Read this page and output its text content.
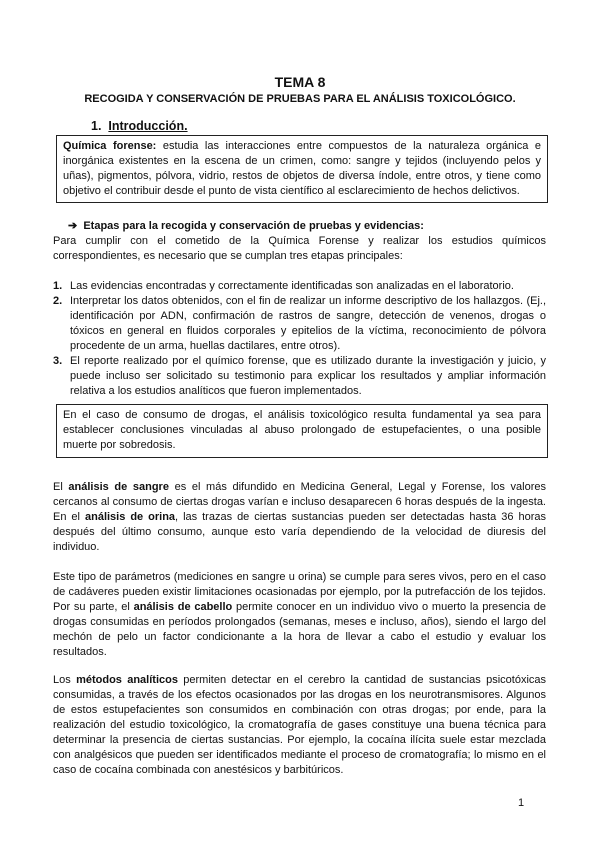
TEMA 8
RECOGIDA Y CONSERVACIÓN DE PRUEBAS PARA EL ANÁLISIS TOXICOLÓGICO.
1. Introducción.
Química forense: estudia las interacciones entre compuestos de la naturaleza orgánica e inorgánica existentes en la escena de un crimen, como: sangre y tejidos (incluyendo pelos y uñas), pigmentos, pólvora, vidrio, restos de objetos de diversa índole, entre otros, y tiene como objetivo el contribuir desde el punto de vista científico al esclarecimiento de hechos delictivos.
➔ Etapas para la recogida y conservación de pruebas y evidencias:
Para cumplir con el cometido de la Química Forense y realizar los estudios químicos correspondientes, es necesario que se cumplan tres etapas principales:
1. Las evidencias encontradas y correctamente identificadas son analizadas en el laboratorio.
2. Interpretar los datos obtenidos, con el fin de realizar un informe descriptivo de los hallazgos. (Ej., identificación por ADN, confirmación de rastros de sangre, detección de venenos, drogas o tóxicos en general en fluidos corporales y epitelios de la víctima, reconocimiento de pólvora procedente de un arma, huellas dactilares, entre otros).
3. El reporte realizado por el químico forense, que es utilizado durante la investigación y juicio, y puede incluso ser solicitado su testimonio para explicar los resultados y ampliar información relativa a los estudios analíticos que fueron implementados.
En el caso de consumo de drogas, el análisis toxicológico resulta fundamental ya sea para establecer conclusiones vinculadas al abuso prolongado de estupefacientes, o una posible muerte por sobredosis.
El análisis de sangre es el más difundido en Medicina General, Legal y Forense, los valores cercanos al consumo de ciertas drogas varían e incluso desaparecen 6 horas después de la ingesta. En el análisis de orina, las trazas de ciertas sustancias pueden ser detectadas hasta 36 horas después del último consumo, aunque esto varía dependiendo de la velocidad de diuresis del individuo.
Este tipo de parámetros (mediciones en sangre u orina) se cumple para seres vivos, pero en el caso de cadáveres pueden existir limitaciones ocasionadas por ejemplo, por la putrefacción de los tejidos. Por su parte, el análisis de cabello permite conocer en un individuo vivo o muerto la presencia de drogas consumidas en períodos prolongados (semanas, meses e incluso, años), siendo el largo del mechón de pelo un factor condicionante a la hora de llevar a cabo el estudio y evaluar los resultados.
Los métodos analíticos permiten detectar en el cerebro la cantidad de sustancias psicotóxicas consumidas, a través de los efectos ocasionados por las drogas en los neurotransmisores. Algunos de estos estupefacientes son consumidos en combinación con otras drogas; por ende, para la realización del estudio toxicológico, la cromatografía de gases constituye una buena técnica para determinar la presencia de ciertas sustancias. Por ejemplo, la cocaína ilícita suele estar mezclada con analgésicos que pueden ser identificados mediante el proceso de cromatografía; lo mismo en el caso de cocaína combinada con anestésicos y barbitúricos.
1
